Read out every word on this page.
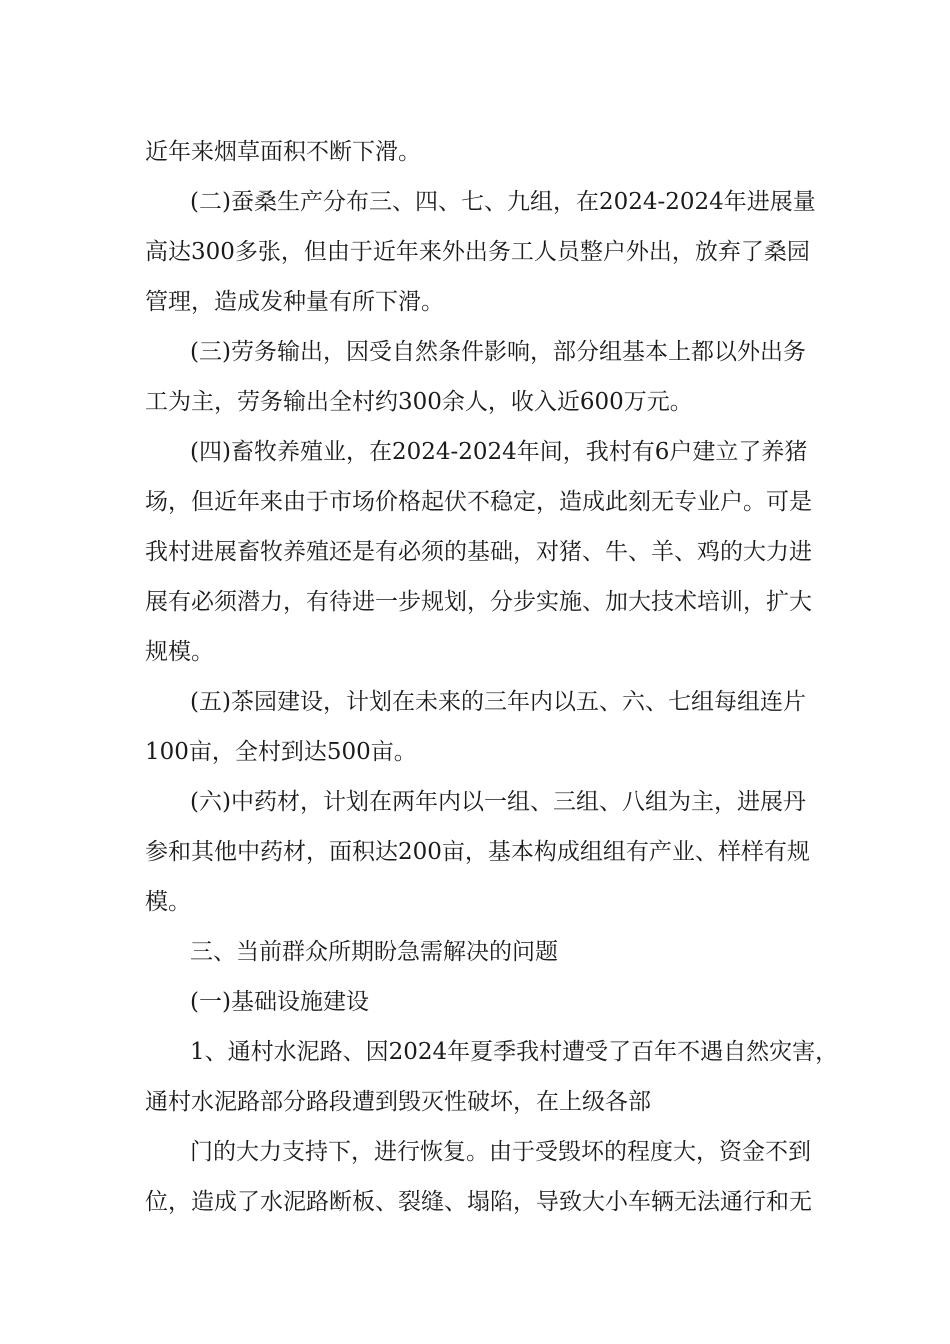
近年来烟草面积不断下滑。
(二)蚕桑生产分布三、四、七、九组，在2024-2024年进展量
高达300多张，但由于近年来外出务工人员整户外出，放弃了桑园
管理，造成发种量有所下滑。
(三)劳务输出，因受自然条件影响，部分组基本上都以外出务
工为主，劳务输出全村约300余人，收入近600万元。
(四)畜牧养殖业，在2024-2024年间，我村有6户建立了养猪
场，但近年来由于市场价格起伏不稳定，造成此刻无专业户。可是
我村进展畜牧养殖还是有必须的基础，对猪、牛、羊、鸡的大力进
展有必须潜力，有待进一步规划，分步实施、加大技术培训，扩大
规模。
(五)茶园建设，计划在未来的三年内以五、六、七组每组连片
100亩，全村到达500亩。
(六)中药材，计划在两年内以一组、三组、八组为主，进展丹
参和其他中药材，面积达200亩，基本构成组组有产业、样样有规
模。
三、当前群众所期盼急需解决的问题
(一)基础设施建设
1、通村水泥路、因2024年夏季我村遭受了百年不遇自然灾害，
通村水泥路部分路段遭到毁灭性破坏，在上级各部
门的大力支持下，进行恢复。由于受毁坏的程度大，资金不到
位，造成了水泥路断板、裂缝、塌陷，导致大小车辆无法通行和无
